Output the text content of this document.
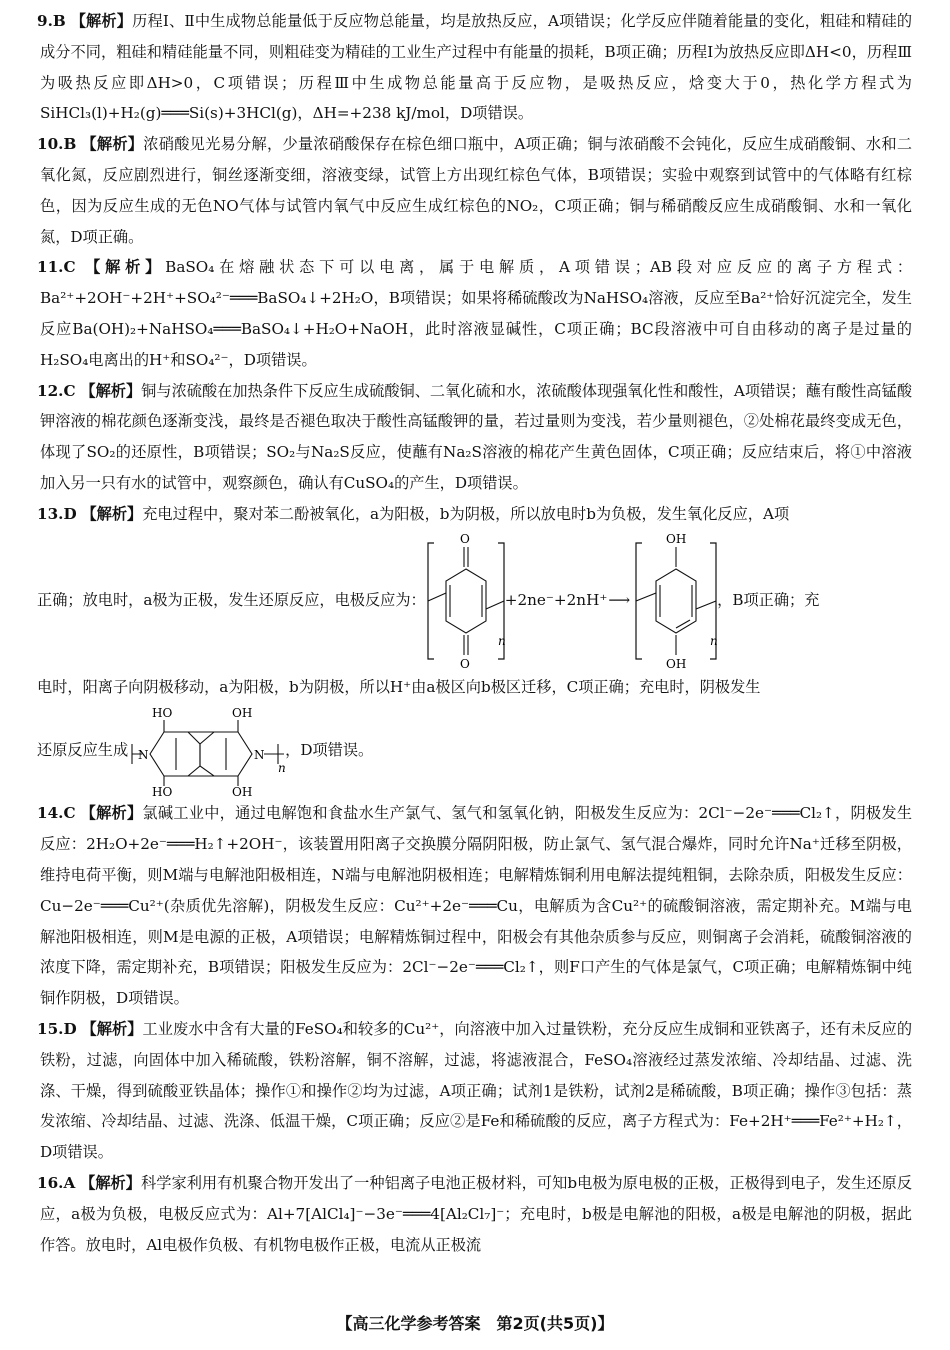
9.B 【解析】历程Ⅰ、Ⅱ中生成物总能量低于反应物总能量，均是放热反应，A项错误；化学反应伴随着能量的变化，粗硅和精硅的成分不同，粗硅和精硅能量不同，则粗硅变为精硅的工业生产过程中有能量的损耗，B项正确；历程Ⅰ为放热反应即ΔH<0，历程Ⅲ为吸热反应即ΔH>0，C项错误；历程Ⅲ中生成物总能量高于反应物，是吸热反应，焓变大于0，热化学方程式为SiHCl₃(l)+H₂(g)═══Si(s)+3HCl(g)，ΔH=+238 kJ/mol，D项错误。

10.B 【解析】浓硝酸见光易分解，少量浓硝酸保存在棕色细口瓶中，A项正确；铜与浓硝酸不会钝化，反应生成硝酸铜、水和二氧化氮，反应剧烈进行，铜丝逐渐变细，溶液变绿，试管上方出现红棕色气体，B项错误；实验中观察到试管中的气体略有红棕色，因为反应生成的无色NO气体与试管内氧气中反应生成红棕色的NO₂，C项正确；铜与稀硝酸反应生成硝酸铜、水和一氧化氮，D项正确。

11.C 【解析】BaSO₄在熔融状态下可以电离，属于电解质，A项错误；AB段对应反应的离子方程式：Ba²⁺+2OH⁻+2H⁺+SO₄²⁻═══BaSO₄↓+2H₂O，B项错误；如果将稀硫酸改为NaHSO₄溶液，反应至Ba²⁺恰好沉淀完全，发生反应Ba(OH)₂+NaHSO₄═══BaSO₄↓+H₂O+NaOH，此时溶液显碱性，C项正确；BC段溶液中可自由移动的离子是过量的H₂SO₄电离出的H⁺和SO₄²⁻，D项错误。

12.C 【解析】铜与浓硫酸在加热条件下反应生成硫酸铜、二氧化硫和水，浓硫酸体现强氧化性和酸性，A项错误；蘸有酸性高锰酸钾溶液的棉花颜色逐渐变浅，最终是否褪色取决于酸性高锰酸钾的量，若过量则为变浅，若少量则褪色，②处棉花最终变成无色，体现了SO₂的还原性，B项错误；SO₂与Na₂S反应，使蘸有Na₂S溶液的棉花产生黄色固体，C项正确；反应结束后，将①中溶液加入另一只有水的试管中，观察颜色，确认有CuSO₄的产生，D项错误。

13.D 【解析】充电过程中，聚对苯二酚被氧化，a为阳极，b为阴极，所以放电时b为负极，发生氧化反应，A项

正确；放电时，a极为正极，发生还原反应，电极反应为：
O
O
n
+2ne⁻+2nH⁺ ⟶
OH
OH
n
，B项正确；充

电时，阳离子向阴极移动，a为阳极，b为阴极，所以H⁺由a极区向b极区迁移，C项正确；充电时，阴极发生

还原反应生成 N	N
HO
HO
OH
OH
n
，D项错误。

14.C 【解析】氯碱工业中，通过电解饱和食盐水生产氯气、氢气和氢氧化钠，阳极发生反应为：2Cl⁻−2e⁻═══Cl₂↑，阴极发生反应：2H₂O+2e⁻═══H₂↑+2OH⁻，该装置用阳离子交换膜分隔阴阳极，防止氯气、氢气混合爆炸，同时允许Na⁺迁移至阴极，维持电荷平衡，则M端与电解池阳极相连，N端与电解池阴极相连；电解精炼铜利用电解法提纯粗铜，去除杂质，阳极发生反应：Cu−2e⁻═══Cu²⁺(杂质优先溶解)，阴极发生反应：Cu²⁺+2e⁻═══Cu，电解质为含Cu²⁺的硫酸铜溶液，需定期补充。M端与电解池阳极相连，则M是电源的正极，A项错误；电解精炼铜过程中，阳极会有其他杂质参与反应，则铜离子会消耗，硫酸铜溶液的浓度下降，需定期补充，B项错误；阳极发生反应为：2Cl⁻−2e⁻═══Cl₂↑，则F口产生的气体是氯气，C项正确；电解精炼铜中纯铜作阴极，D项错误。

15.D 【解析】工业废水中含有大量的FeSO₄和较多的Cu²⁺，向溶液中加入过量铁粉，充分反应生成铜和亚铁离子，还有未反应的铁粉，过滤，向固体中加入稀硫酸，铁粉溶解，铜不溶解，过滤，将滤液混合，FeSO₄溶液经过蒸发浓缩、冷却结晶、过滤、洗涤、干燥，得到硫酸亚铁晶体；操作①和操作②均为过滤，A项正确；试剂1是铁粉，试剂2是稀硫酸，B项正确；操作③包括：蒸发浓缩、冷却结晶、过滤、洗涤、低温干燥，C项正确；反应②是Fe和稀硫酸的反应，离子方程式为：Fe+2H⁺═══Fe²⁺+H₂↑，D项错误。

16.A 【解析】科学家利用有机聚合物开发出了一种铝离子电池正极材料，可知b电极为原电极的正极，正极得到电子，发生还原反应，a极为负极，电极反应式为：Al+7[AlCl₄]⁻−3e⁻═══4[Al₂Cl₇]⁻；充电时，b极是电解池的阳极，a极是电解池的阴极，据此作答。放电时，Al电极作负极、有机物电极作正极，电流从正极流

【高三化学参考答案　第2页(共5页)】
